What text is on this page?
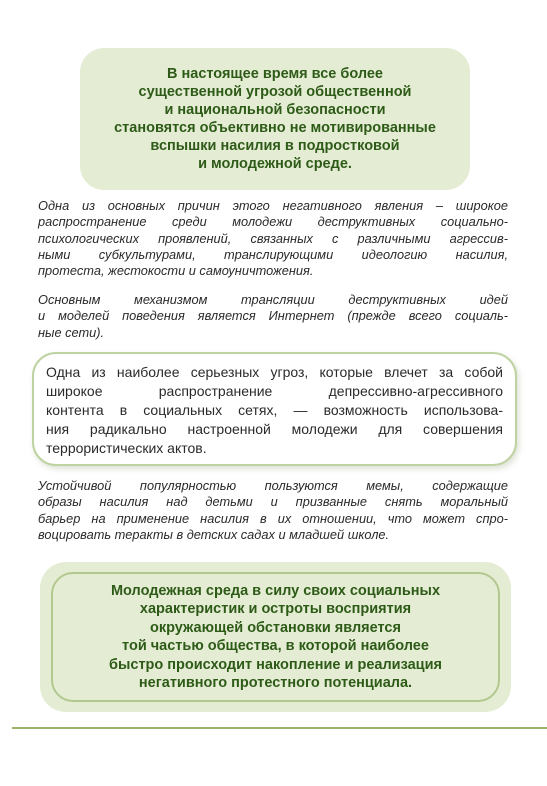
В настоящее время все более
существенной угрозой общественной
и национальной безопасности
становятся объективно не мотивированные
вспышки насилия в подростковой
и молодежной среде.
Одна из основных причин этого негативного явления – широкое
распространение среди молодежи деструктивных социально-
психологических проявлений, связанных с различными агрессив-
ными субкультурами, транслирующими идеологию насилия,
протеста, жестокости и самоуничтожения.
Основным механизмом трансляции деструктивных идей
и моделей поведения является Интернет (прежде всего социаль-
ные сети).
Одна из наиболее серьезных угроз, которые влечет за собой
широкое распространение депрессивно-агрессивного
контента в социальных сетях, — возможность использова-
ния радикально настроенной молодежи для совершения
террористических актов.
Устойчивой популярностью пользуются мемы, содержащие
образы насилия над детьми и призванные снять моральный
барьер на применение насилия в их отношении, что может спро-
воцировать теракты в детских садах и младшей школе.
Молодежная среда в силу своих социальных
характеристик и остроты восприятия
окружающей обстановки является
той частью общества, в которой наиболее
быстро происходит накопление и реализация
негативного протестного потенциала.
